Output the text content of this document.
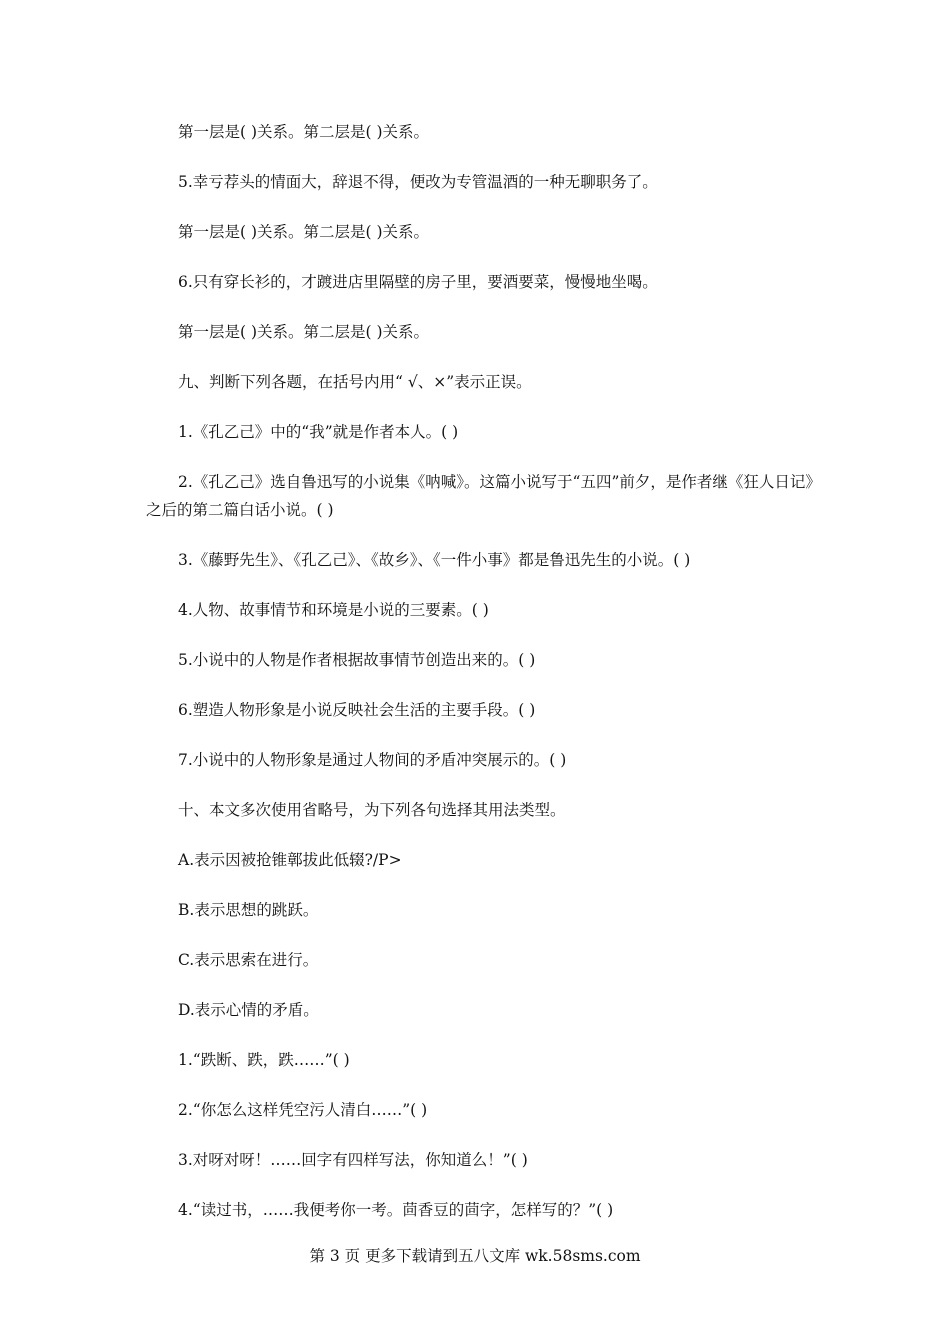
第一层是( )关系。第二层是( )关系。

5.幸亏荐头的情面大，辞退不得，便改为专管温酒的一种无聊职务了。

第一层是( )关系。第二层是( )关系。

6.只有穿长衫的，才踱进店里隔壁的房子里，要酒要菜，慢慢地坐喝。

第一层是( )关系。第二层是( )关系。

九、判断下列各题，在括号内用“ √、×”表示正误。

1.《孔乙己》中的“我”就是作者本人。( )

2.《孔乙己》选自鲁迅写的小说集《呐喊》。这篇小说写于“五四”前夕，是作者继《狂人日记》之后的第二篇白话小说。( )

3.《藤野先生》、《孔乙己》、《故乡》、《一件小事》都是鲁迅先生的小说。( )

4.人物、故事情节和环境是小说的三要素。( )

5.小说中的人物是作者根据故事情节创造出来的。( )

6.塑造人物形象是小说反映社会生活的主要手段。( )

7.小说中的人物形象是通过人物间的矛盾冲突展示的。( )

十、本文多次使用省略号，为下列各句选择其用法类型。

A.表示因被抢锥鄣拔此低辍?/P>

B.表示思想的跳跃。

C.表示思索在进行。

D.表示心情的矛盾。

1.“跌断、跌，跌……”( )

2.“你怎么这样凭空污人清白……”( )

3.对呀对呀！……回字有四样写法，你知道么！”( )

4.“读过书，……我便考你一考。茴香豆的茴字，怎样写的？”( )

第 3 页 更多下载请到五八文库 wk.58sms.com
